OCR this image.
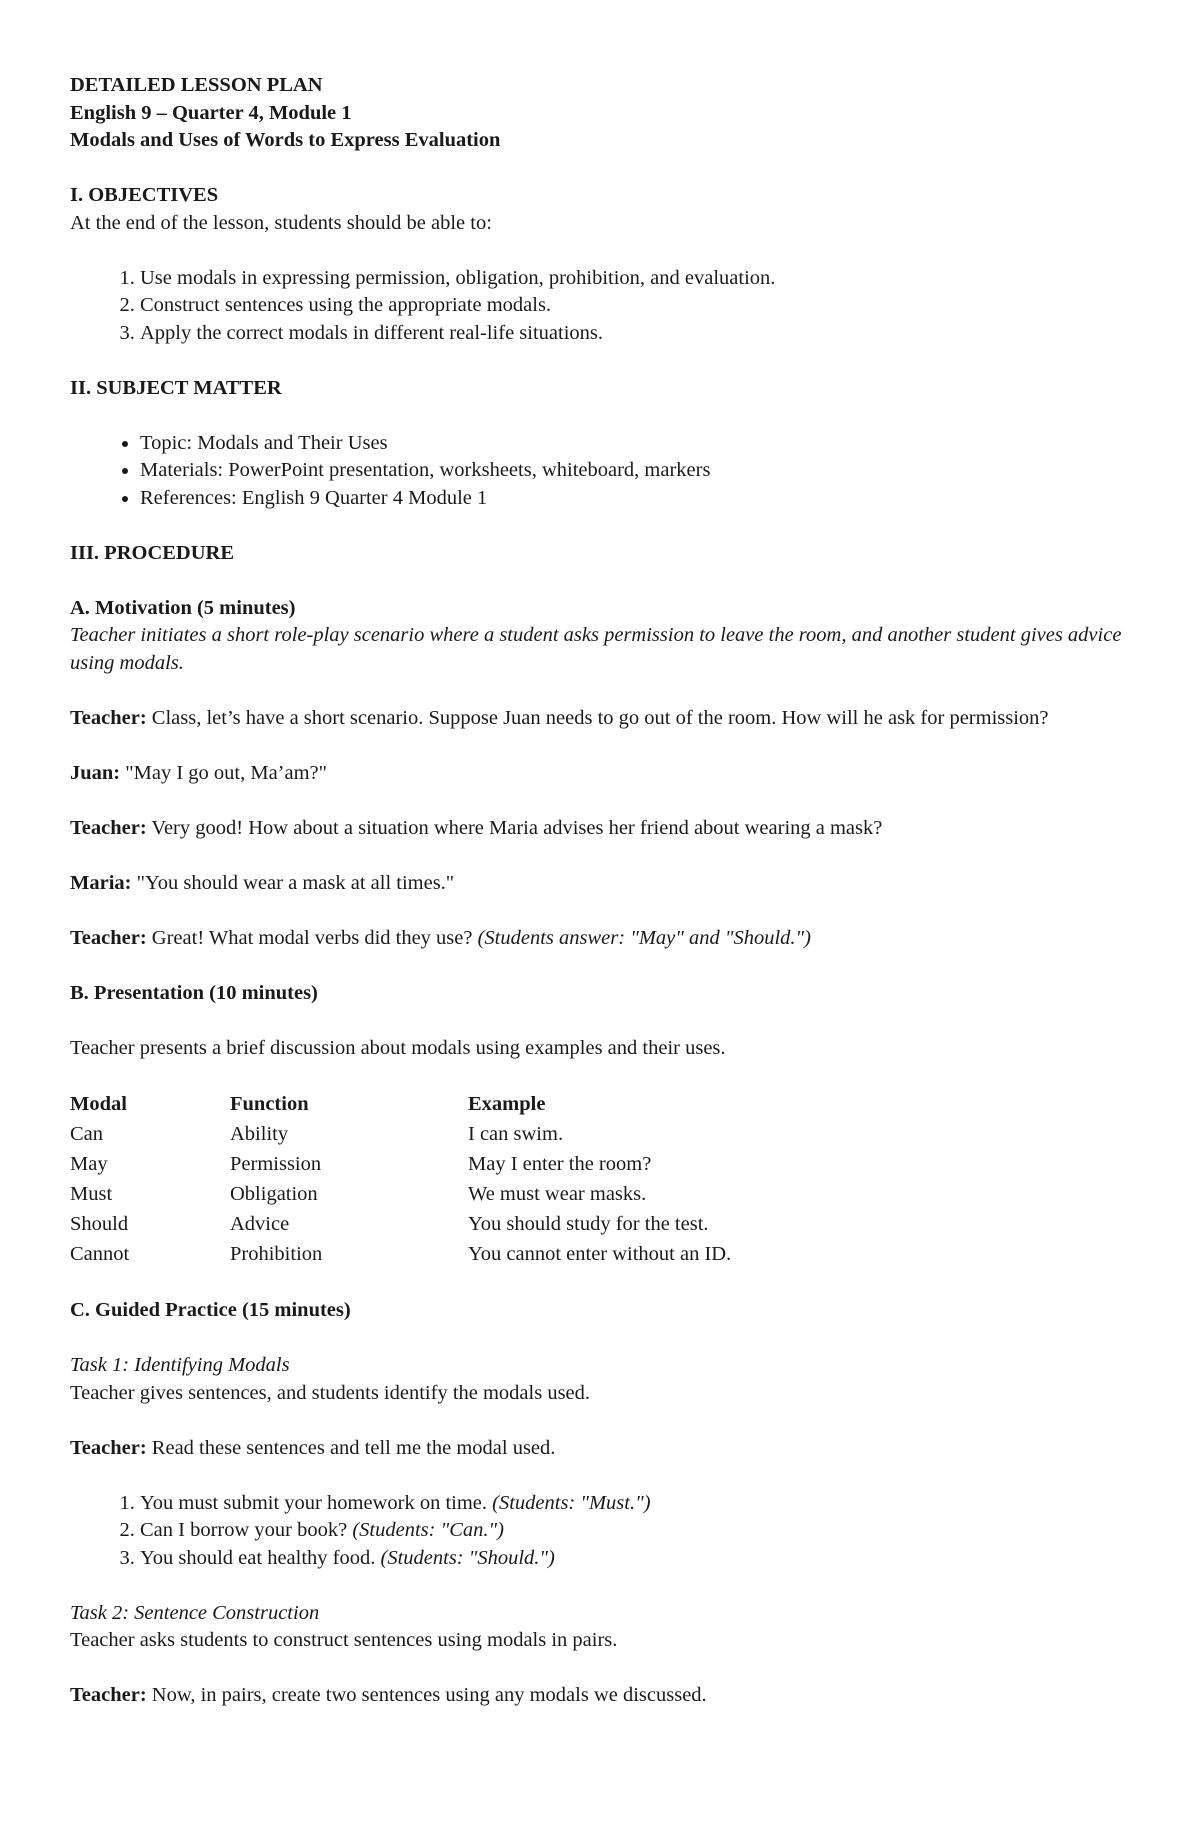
DETAILED LESSON PLAN

English 9 – Quarter 4, Module 1

Modals and Uses of Words to Express Evaluation

I. OBJECTIVES

At the end of the lesson, students should be able to:

1. Use modals in expressing permission, obligation, prohibition, and evaluation.
2. Construct sentences using the appropriate modals.
3. Apply the correct modals in different real-life situations.

II. SUBJECT MATTER

• Topic: Modals and Their Uses
• Materials: PowerPoint presentation, worksheets, whiteboard, markers
• References: English 9 Quarter 4 Module 1

III. PROCEDURE

A. Motivation (5 minutes)

Teacher initiates a short role-play scenario where a student asks permission to leave the room, and another student gives advice using modals.

Teacher: Class, let’s have a short scenario. Suppose Juan needs to go out of the room. How will he ask for permission?

Juan: "May I go out, Ma’am?"

Teacher: Very good! How about a situation where Maria advises her friend about wearing a mask?

Maria: "You should wear a mask at all times."

Teacher: Great! What modal verbs did they use? (Students answer: "May" and "Should.")

B. Presentation (10 minutes)

Teacher presents a brief discussion about modals using examples and their uses.

Modal	Function	Example
Can	Ability	I can swim.
May	Permission	May I enter the room?
Must	Obligation	We must wear masks.
Should	Advice	You should study for the test.
Cannot	Prohibition	You cannot enter without an ID.

C. Guided Practice (15 minutes)

Task 1: Identifying Modals

Teacher gives sentences, and students identify the modals used.

Teacher: Read these sentences and tell me the modal used.

1. You must submit your homework on time. (Students: "Must.")
2. Can I borrow your book? (Students: "Can.")
3. You should eat healthy food. (Students: "Should.")

Task 2: Sentence Construction

Teacher asks students to construct sentences using modals in pairs.

Teacher: Now, in pairs, create two sentences using any modals we discussed.
